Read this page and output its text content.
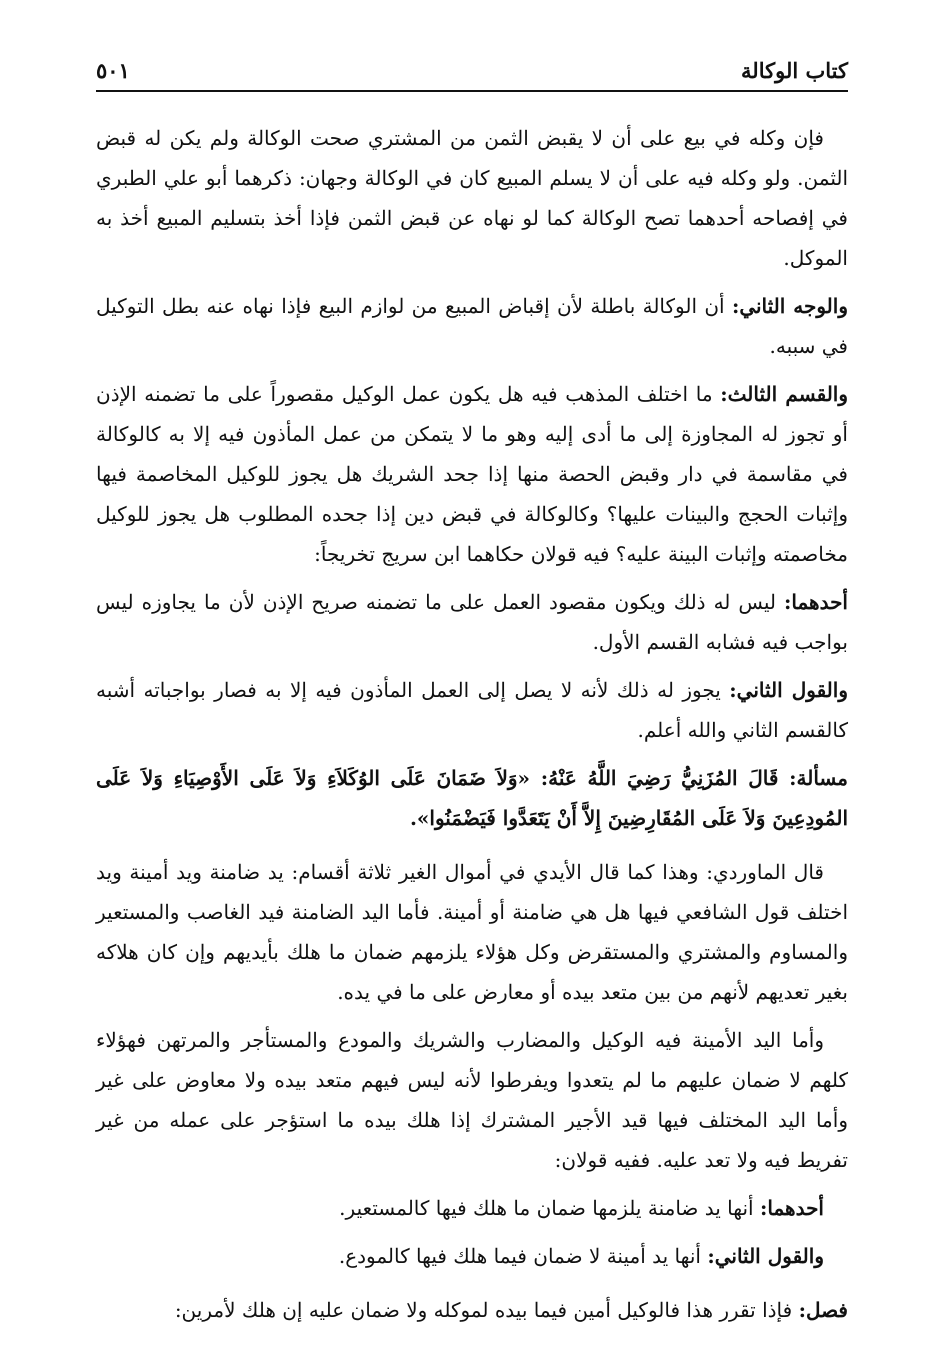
كتاب الوكالة
٥٠١

فإن وكله في بيع على أن لا يقبض الثمن من المشتري صحت الوكالة ولم يكن له قبض الثمن. ولو وكله فيه على أن لا يسلم المبيع كان في الوكالة وجهان: ذكرهما أبو علي الطبري في إفصاحه أحدهما تصح الوكالة كما لو نهاه عن قبض الثمن فإذا أخذ بتسليم المبيع أخذ به الموكل.

والوجه الثاني: أن الوكالة باطلة لأن إقباض المبيع من لوازم البيع فإذا نهاه عنه بطل التوكيل في سببه.

والقسم الثالث: ما اختلف المذهب فيه هل يكون عمل الوكيل مقصوراً على ما تضمنه الإذن أو تجوز له المجاوزة إلى ما أدى إليه وهو ما لا يتمكن من عمل المأذون فيه إلا به كالوكالة في مقاسمة في دار وقبض الحصة منها إذا جحد الشريك هل يجوز للوكيل المخاصمة فيها وإثبات الحجج والبينات عليها؟ وكالوكالة في قبض دين إذا جحده المطلوب هل يجوز للوكيل مخاصمته وإثبات البينة عليه؟ فيه قولان حكاهما ابن سريج تخريجاً:

أحدهما: ليس له ذلك ويكون مقصود العمل على ما تضمنه صريح الإذن لأن ما يجاوزه ليس بواجب فيه فشابه القسم الأول.

والقول الثاني: يجوز له ذلك لأنه لا يصل إلى العمل المأذون فيه إلا به فصار بواجباته أشبه كالقسم الثاني والله أعلم.

مسألة: قَالَ المُزَنِيُّ رَضِيَ اللَّهُ عَنْهُ: «وَلاَ ضَمَانَ عَلَى الوُكَلاَءِ وَلاَ عَلَى الأَوْصِيَاءِ وَلاَ عَلَى المُودِعِينَ وَلاَ عَلَى المُقَارِضِينَ إِلاَّ أَنْ يَتَعَدَّوا فَيَضْمَنُوا».

قال الماوردي: وهذا كما قال الأيدي في أموال الغير ثلاثة أقسام: يد ضامنة ويد أمينة ويد اختلف قول الشافعي فيها هل هي ضامنة أو أمينة. فأما اليد الضامنة فيد الغاصب والمستعير والمساوم والمشتري والمستقرض وكل هؤلاء يلزمهم ضمان ما هلك بأيديهم وإن كان هلاكه بغير تعديهم لأنهم من بين متعد بيده أو معارض على ما في يده.

وأما اليد الأمينة فيه الوكيل والمضارب والشريك والمودع والمستأجر والمرتهن فهؤلاء كلهم لا ضمان عليهم ما لم يتعدوا ويفرطوا لأنه ليس فيهم متعد بيده ولا معاوض على غير وأما اليد المختلف فيها قيد الأجير المشترك إذا هلك بيده ما استؤجر على عمله من غير تفريط فيه ولا تعد عليه. ففيه قولان:

أحدهما: أنها يد ضامنة يلزمها ضمان ما هلك فيها كالمستعير.

والقول الثاني: أنها يد أمينة لا ضمان فيما هلك فيها كالمودع.

فصل: فإذا تقرر هذا فالوكيل أمين فيما بيده لموكله ولا ضمان عليه إن هلك لأمرين:
